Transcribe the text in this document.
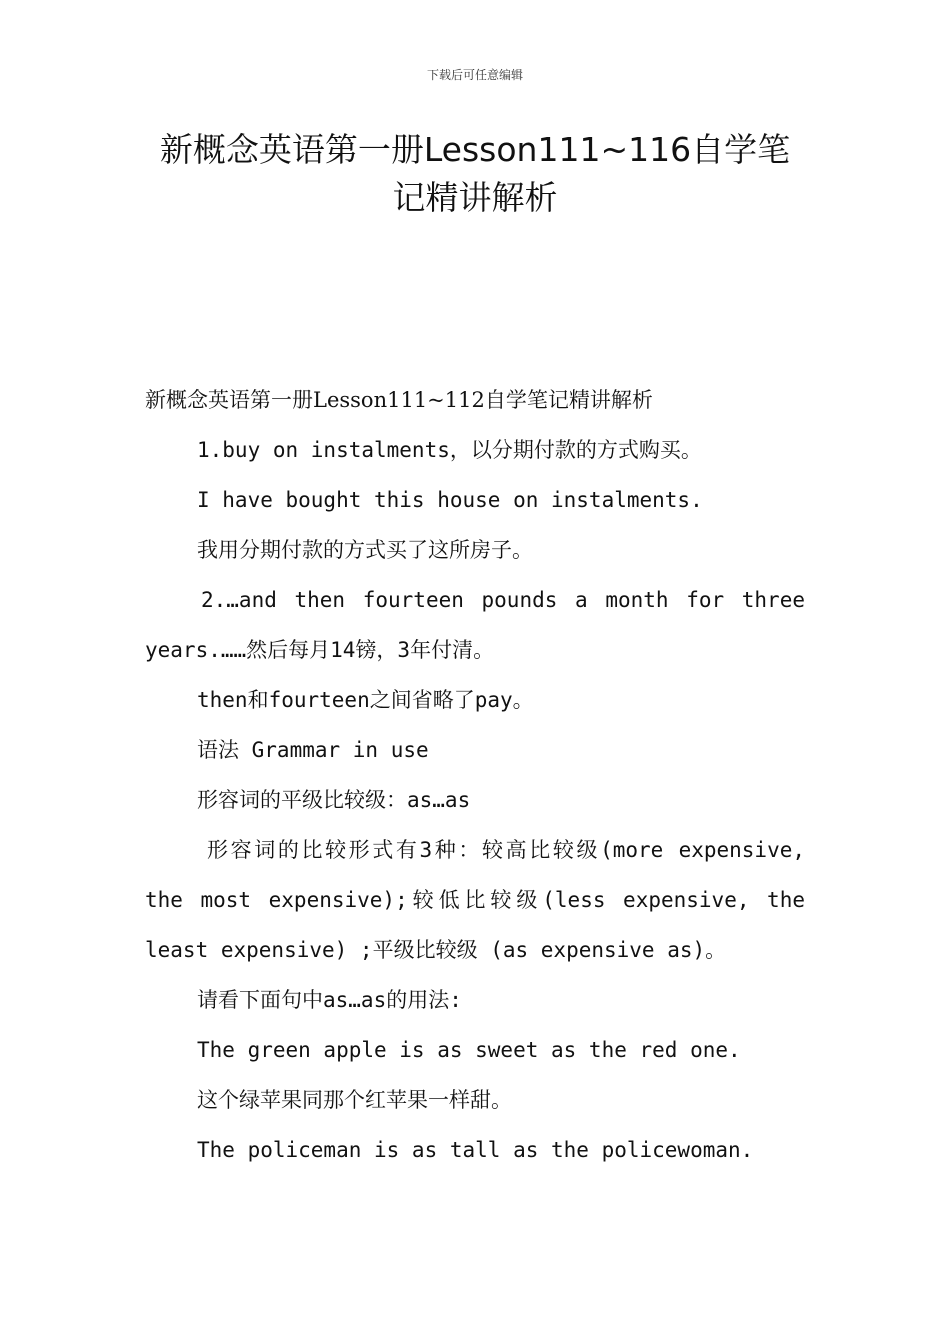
下载后可任意编辑
新概念英语第一册Lesson111~116自学笔
记精讲解析
新概念英语第一册Lesson111~112自学笔记精讲解析
1.buy on instalments，以分期付款的方式购买。
I have bought this house on instalments.
我用分期付款的方式买了这所房子。
2.…and then fourteen pounds a month for three years.……然后每月14镑，3年付清。
then和fourteen之间省略了pay。
语法 Grammar in use
形容词的平级比较级：as…as
形容词的比较形式有3种：较高比较级(more expensive, the most expensive);较低比较级(less expensive, the least expensive) ;平级比较级 (as expensive as)。
请看下面句中as…as的用法:
The green apple is as sweet as the red one.
这个绿苹果同那个红苹果一样甜。
The policeman is as tall as the policewoman.
